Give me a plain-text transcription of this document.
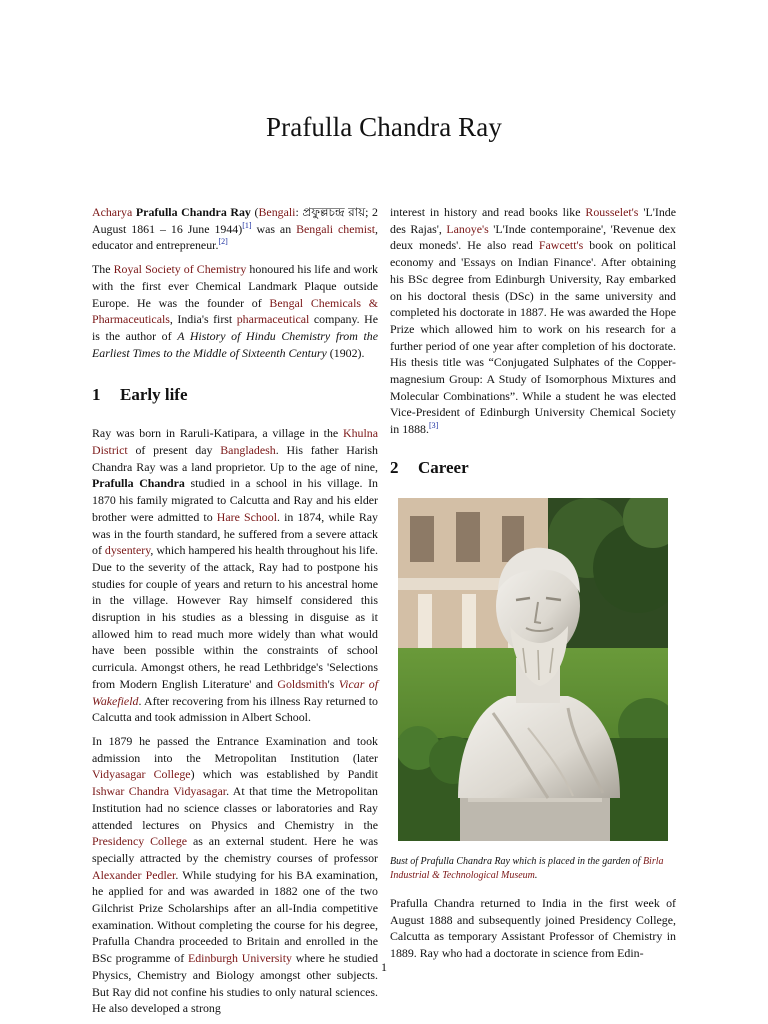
Prafulla Chandra Ray

Acharya Prafulla Chandra Ray (Bengali: প্রফুল্লচন্দ্র রায়; 2 August 1861 – 16 June 1944)[1] was an Bengali chemist, educator and entrepreneur.[2]

The Royal Society of Chemistry honoured his life and work with the first ever Chemical Landmark Plaque outside Europe. He was the founder of Bengal Chemicals & Pharmaceuticals, India's first pharmaceutical company. He is the author of A History of Hindu Chemistry from the Earliest Times to the Middle of Sixteenth Century (1902).

1 Early life

Ray was born in Raruli-Katipara, a village in the Khulna District of present day Bangladesh. His father Harish Chandra Ray was a land proprietor. Up to the age of nine, Prafulla Chandra studied in a school in his village. In 1870 his family migrated to Calcutta and Ray and his elder brother were admitted to Hare School. in 1874, while Ray was in the fourth standard, he suffered from a severe attack of dysentery, which hampered his health throughout his life. Due to the severity of the attack, Ray had to postpone his studies for couple of years and return to his ancestral home in the village. However Ray himself considered this disruption in his studies as a blessing in disguise as it allowed him to read much more widely than what would have been possible within the constraints of school curricula. Amongst others, he read Lethbridge's 'Selections from Modern English Literature' and Goldsmith's Vicar of Wakefield. After recovering from his illness Ray returned to Calcutta and took admission in Albert School.

In 1879 he passed the Entrance Examination and took admission into the Metropolitan Institution (later Vidyasagar College) which was established by Pandit Ishwar Chandra Vidyasagar. At that time the Metropolitan Institution had no science classes or laboratories and Ray attended lectures on Physics and Chemistry in the Presidency College as an external student. Here he was specially attracted by the chemistry courses of professor Alexander Pedler. While studying for his BA examination, he applied for and was awarded in 1882 one of the two Gilchrist Prize Scholarships after an all-India competitive examination. Without completing the course for his degree, Prafulla Chandra proceeded to Britain and enrolled in the BSc programme of Edinburgh University where he studied Physics, Chemistry and Biology amongst other subjects. But Ray did not confine his studies to only natural sciences. He also developed a strong

interest in history and read books like Rousselet's 'L'Inde des Rajas', Lanoye's 'L'Inde contemporaine', 'Revenue dex deux moneds'. He also read Fawcett's book on political economy and 'Essays on Indian Finance'. After obtaining his BSc degree from Edinburgh University, Ray embarked on his doctoral thesis (DSc) in the same university and completed his doctorate in 1887. He was awarded the Hope Prize which allowed him to work on his research for a further period of one year after completion of his doctorate. His thesis title was “Conjugated Sulphates of the Copper-magnesium Group: A Study of Isomorphous Mixtures and Molecular Combinations”. While a student he was elected Vice-President of Edinburgh University Chemical Society in 1888.[3]

2 Career
Bust of Prafulla Chandra Ray which is placed in the garden of Birla Industrial & Technological Museum.

Prafulla Chandra returned to India in the first week of August 1888 and subsequently joined Presidency College, Calcutta as temporary Assistant Professor of Chemistry in 1889. Ray who had a doctorate in science from Edin-

1
